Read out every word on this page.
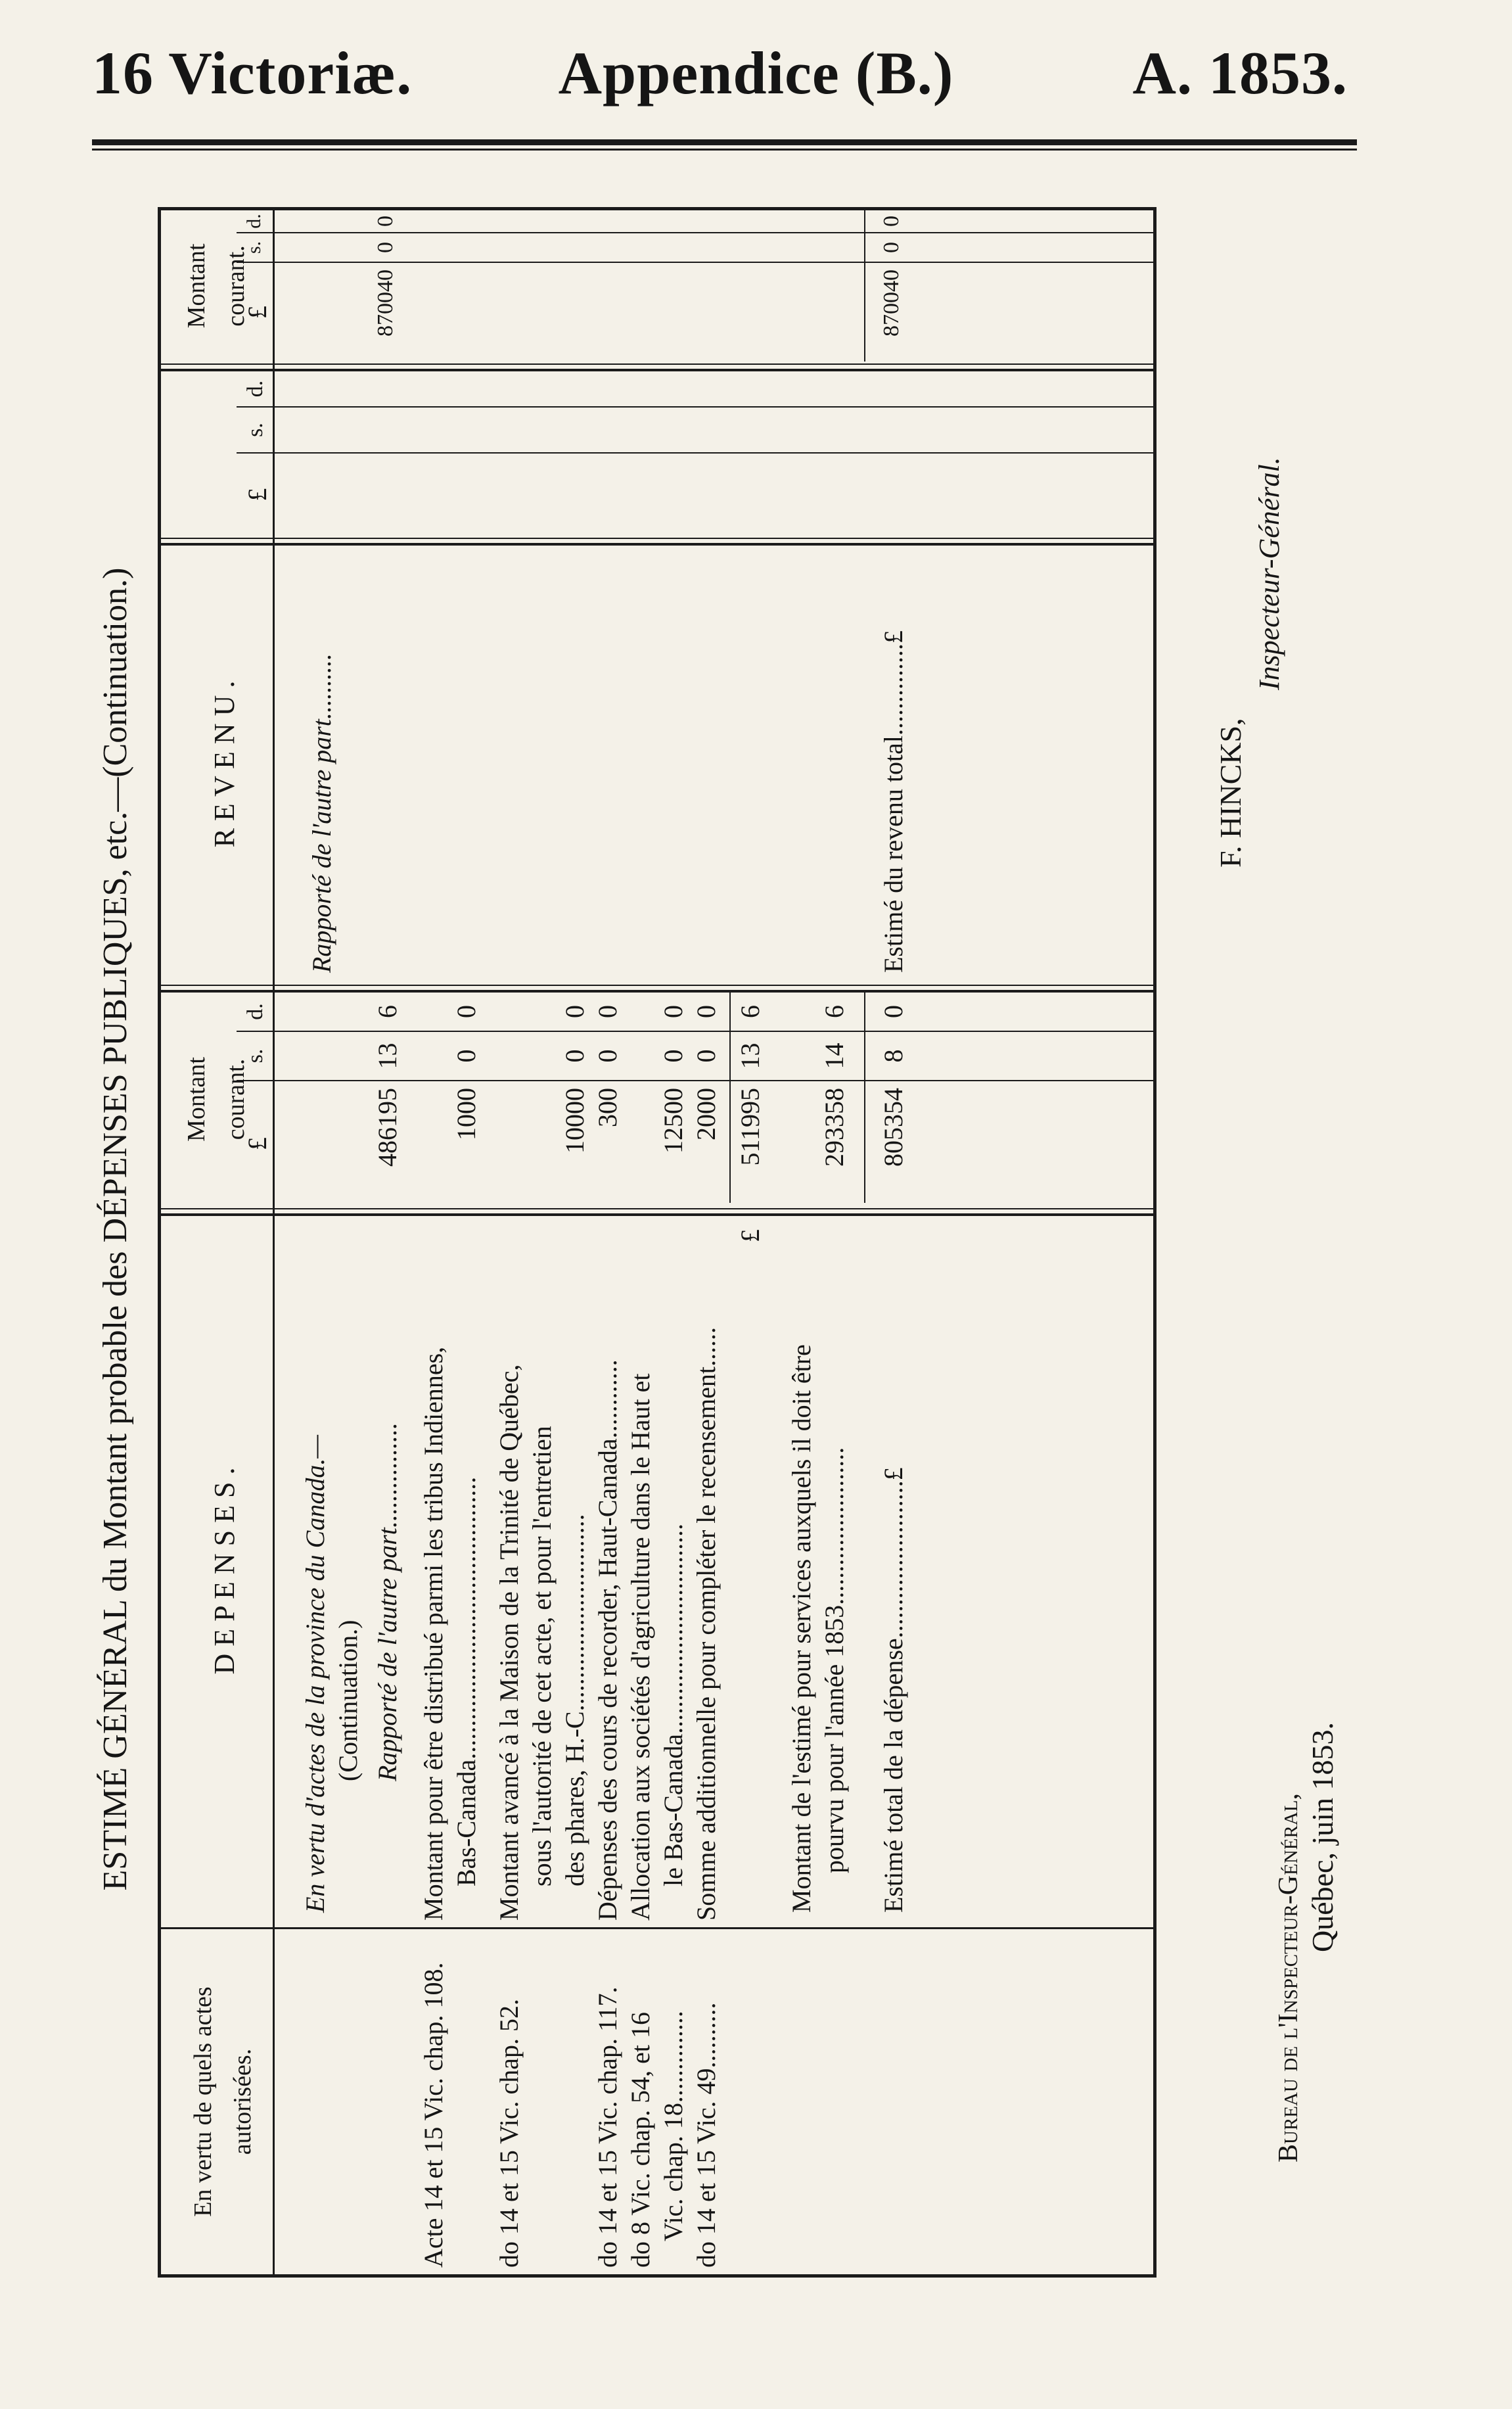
16 Victoriæ.	Appendice (B.)	A. 1853.
ESTIMÉ GÉNÉRAL du Montant probable des DÉPENSES PUBLIQUES, etc.—(Continuation.)
En vertu de quels actes autorisées.
D E P E N S E S .
Montant courant.
R E V E N U .
Montant courant.
£
s.
d.
£
s.
d.
£
s.
d.
En vertu d'actes de la province du Canada.— (Continuation.) Rapporté de l'autre part................
486195
13
6
Acte 14 et 15 Vic. chap. 108.
Montant pour être distribué parmi les tribus Indiennes, Bas-Canada...........................................
1000
0
0
do 14 et 15 Vic. chap. 52.
Montant avancé à la Maison de la Trinité de Québec, sous l'autorité de cet acte, et pour l'entretien des phares, H.-C..............................
10000
0
0
do 14 et 15 Vic. chap. 117.
Dépenses des cours de recorder, Haut-Canada............
300
0
0
do 8 Vic. chap. 54, et 16 Vic. chap. 18..............
Allocation aux sociétés d'agriculture dans le Haut et le Bas-Canada................................
12500
0
0
do 14 et 15 Vic. 49..........
Somme additionnelle pour compléter le recensement......
2000
0
0
£
511995
13
6
Montant de l'estimé pour services auxquels il doit être pourvu pour l'année 1853........................
293358
14
6
Estimé total de la dépense........................£
805354
8
0
Rapporté de l'autre part..........
870040
0
0
Estimé du revenu total..............£
870040
0
0
F. HINCKS,
Inspecteur-Général.
Bureau de l'Inspecteur-Général, Québec, juin 1853.
